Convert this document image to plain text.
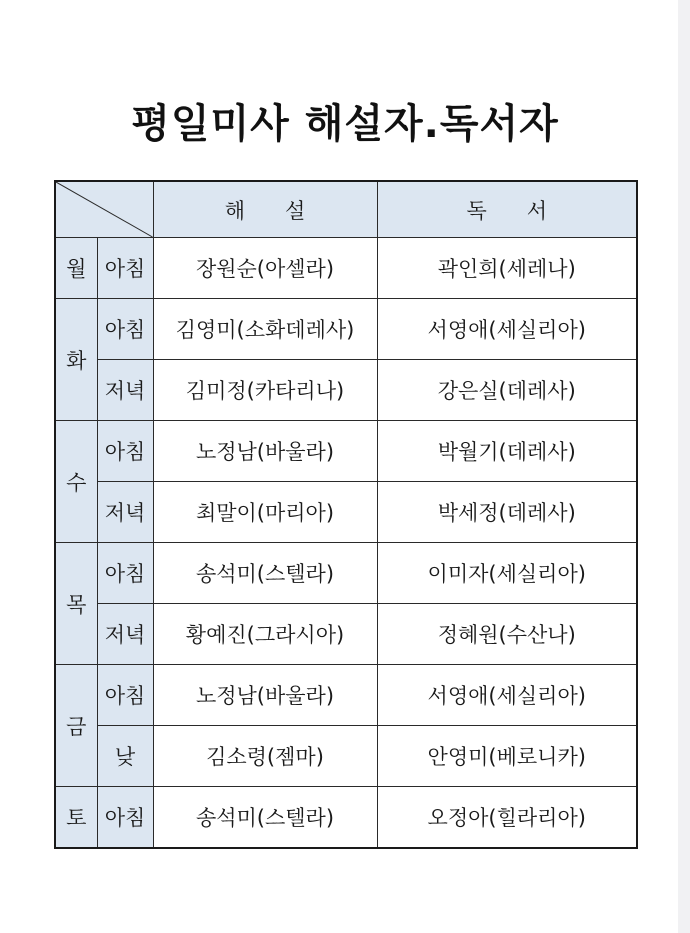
평일미사 해설자.독서자
	해      설	독      서
월	아침	장원순(아셀라)	곽인희(세레나)
화	아침	김영미(소화데레사)	서영애(세실리아)
	저녁	김미정(카타리나)	강은실(데레사)
수	아침	노정남(바울라)	박월기(데레사)
	저녁	최말이(마리아)	박세정(데레사)
목	아침	송석미(스텔라)	이미자(세실리아)
	저녁	황예진(그라시아)	정혜원(수산나)
금	아침	노정남(바울라)	서영애(세실리아)
	낮	김소령(젬마)	안영미(베로니카)
토	아침	송석미(스텔라)	오정아(힐라리아)
